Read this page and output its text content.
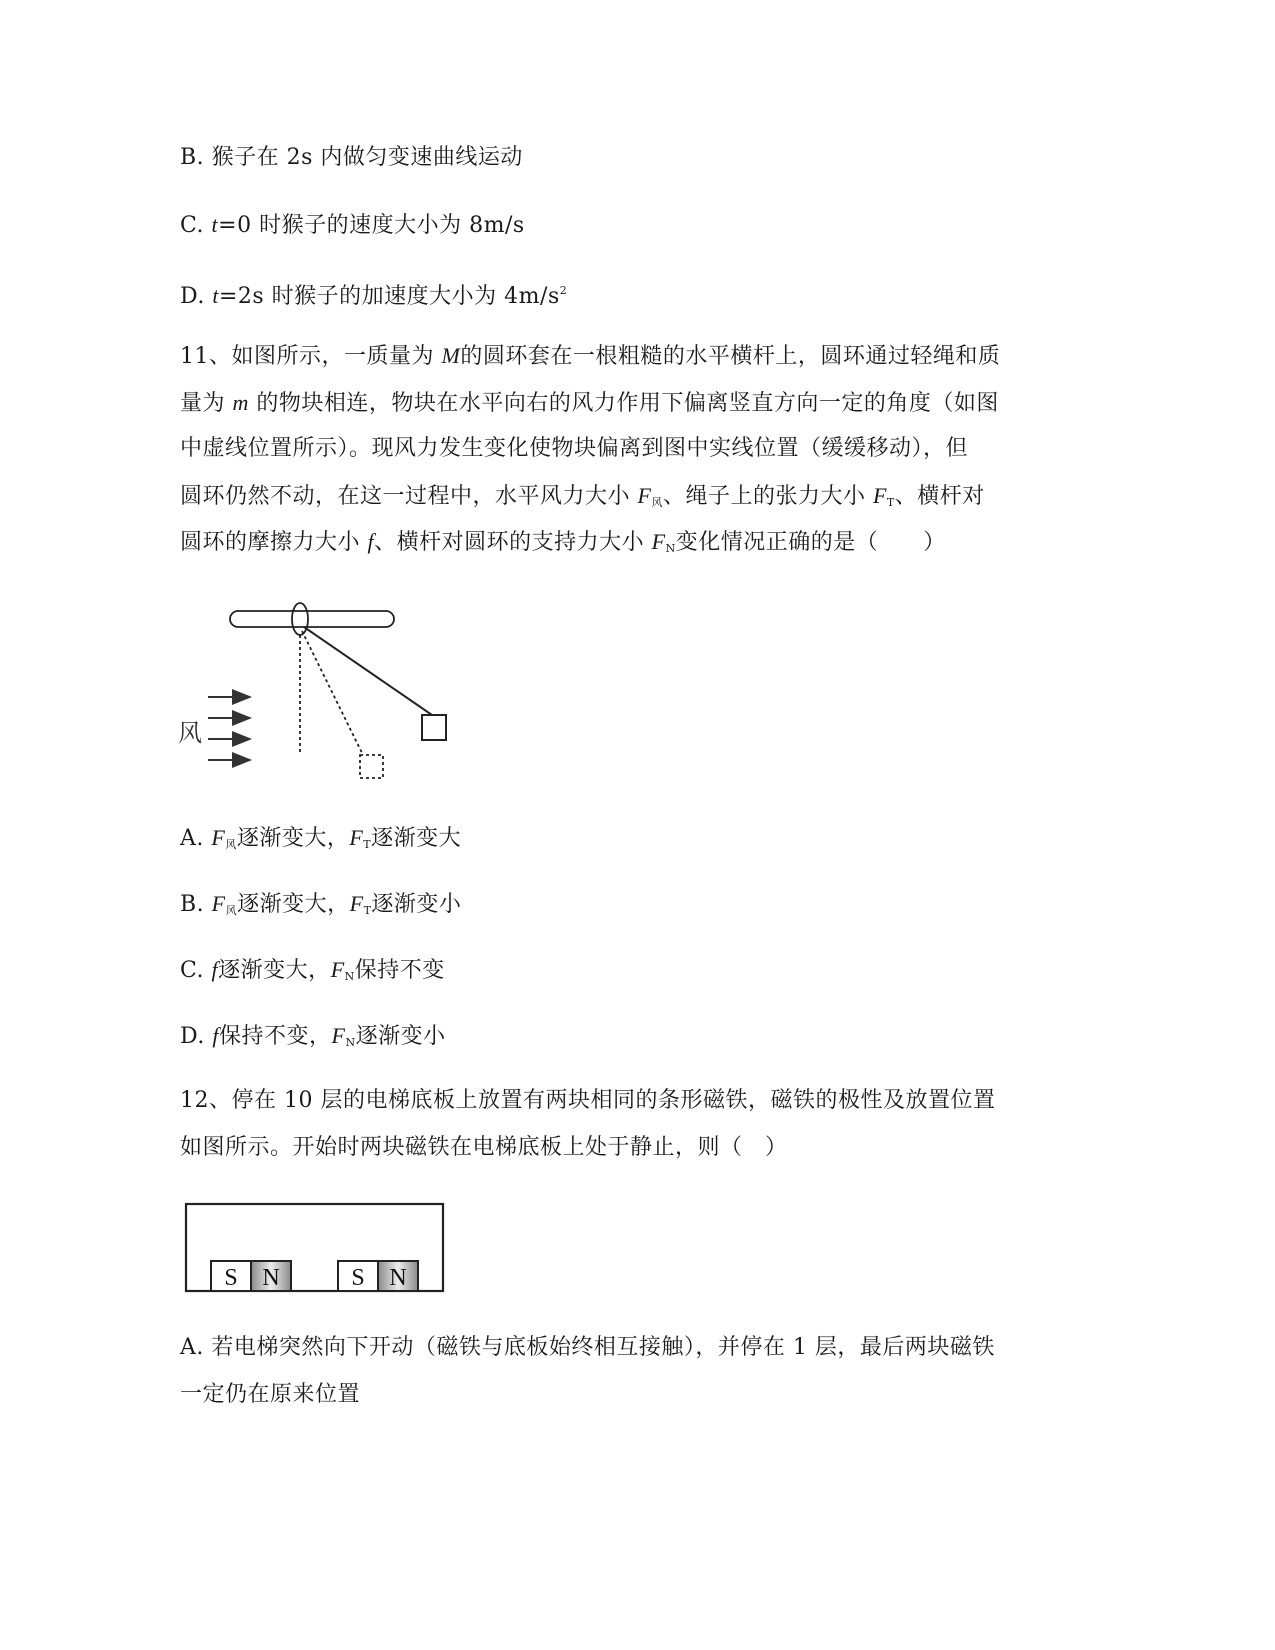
B. 猴子在 2s 内做匀变速曲线运动
C. t=0 时猴子的速度大小为 8m/s
D. t=2s 时猴子的加速度大小为 $4m/s^2$
11、如图所示，一质量为 M的圆环套在一根粗糙的水平横杆上，圆环通过轻绳和质
量为 m 的物块相连，物块在水平向右的风力作用下偏离竖直方向一定的角度（如图
中虚线位置所示）。现风力发生变化使物块偏离到图中实线位置（缓缓移动），但
圆环仍然不动，在这一过程中，水平风力大小 $F_风$、绳子上的张力大小 $F_T$、横杆对
圆环的摩擦力大小 f、横杆对圆环的支持力大小 $F_N$变化情况正确的是（　　）
风
A. $F_风$逐渐变大，$F_T$逐渐变大
B. $F_风$逐渐变大，$F_T$逐渐变小
C. f逐渐变大，$F_N$保持不变
D. f保持不变，$F_N$逐渐变小
12、停在 10 层的电梯底板上放置有两块相同的条形磁铁，磁铁的极性及放置位置
如图所示。开始时两块磁铁在电梯底板上处于静止，则（　）
S N	S N
A. 若电梯突然向下开动（磁铁与底板始终相互接触），并停在 1 层，最后两块磁铁
一定仍在原来位置
